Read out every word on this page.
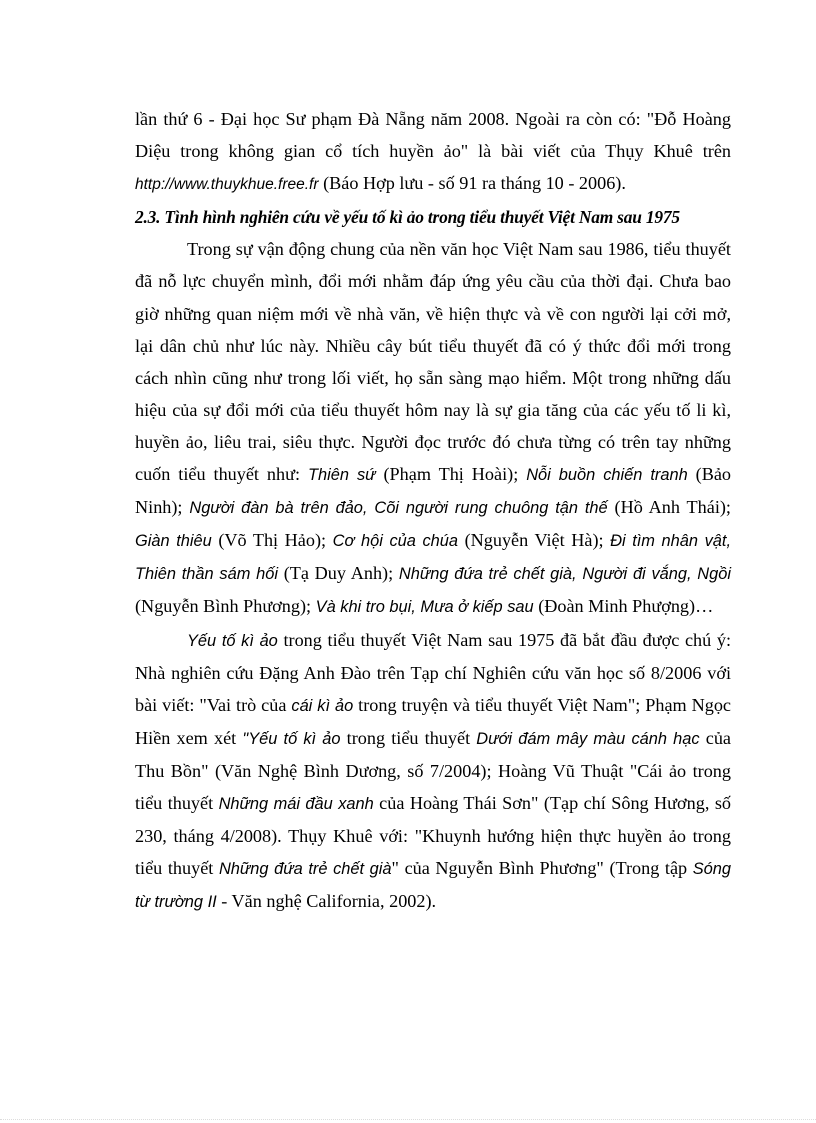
lần thứ 6 - Đại học Sư phạm Đà Nẵng năm 2008. Ngoài ra còn có: "Đỗ Hoàng Diệu trong không gian cổ tích huyền ảo" là bài viết của Thụy Khuê trên http://www.thuykhue.free.fr (Báo Hợp lưu - số 91 ra tháng 10 - 2006).

2.3. Tình hình nghiên cứu về yếu tố kì ảo trong tiểu thuyết Việt Nam sau 1975

Trong sự vận động chung của nền văn học Việt Nam sau 1986, tiểu thuyết đã nỗ lực chuyển mình, đổi mới nhằm đáp ứng yêu cầu của thời đại. Chưa bao giờ những quan niệm mới về nhà văn, về hiện thực và về con người lại cởi mở, lại dân chủ như lúc này. Nhiều cây bút tiểu thuyết đã có ý thức đổi mới trong cách nhìn cũng như trong lối viết, họ sẵn sàng mạo hiểm. Một trong những dấu hiệu của sự đổi mới của tiểu thuyết hôm nay là sự gia tăng của các yếu tố li kì, huyền ảo, liêu trai, siêu thực. Người đọc trước đó chưa từng có trên tay những cuốn tiểu thuyết như: Thiên sứ (Phạm Thị Hoài); Nỗi buồn chiến tranh (Bảo Ninh); Người đàn bà trên đảo, Cõi người rung chuông tận thế (Hồ Anh Thái); Giàn thiêu (Võ Thị Hảo); Cơ hội của chúa (Nguyễn Việt Hà); Đi tìm nhân vật, Thiên thần sám hối (Tạ Duy Anh); Những đứa trẻ chết già, Người đi vắng, Ngồi (Nguyễn Bình Phương); Và khi tro bụi, Mưa ở kiếp sau (Đoàn Minh Phượng)…

Yếu tố kì ảo trong tiểu thuyết Việt Nam sau 1975 đã bắt đầu được chú ý: Nhà nghiên cứu Đặng Anh Đào trên Tạp chí Nghiên cứu văn học số 8/2006 với bài viết: "Vai trò của cái kì ảo trong truyện và tiểu thuyết Việt Nam"; Phạm Ngọc Hiền xem xét "Yếu tố kì ảo trong tiểu thuyết Dưới đám mây màu cánh hạc của Thu Bồn" (Văn Nghệ Bình Dương, số 7/2004); Hoàng Vũ Thuật "Cái ảo trong tiểu thuyết Những mái đầu xanh của Hoàng Thái Sơn" (Tạp chí Sông Hương, số 230, tháng 4/2008). Thụy Khuê với: "Khuynh hướng hiện thực huyền ảo trong tiểu thuyết Những đứa trẻ chết già" của Nguyễn Bình Phương" (Trong tập Sóng từ trường II - Văn nghệ California, 2002).
